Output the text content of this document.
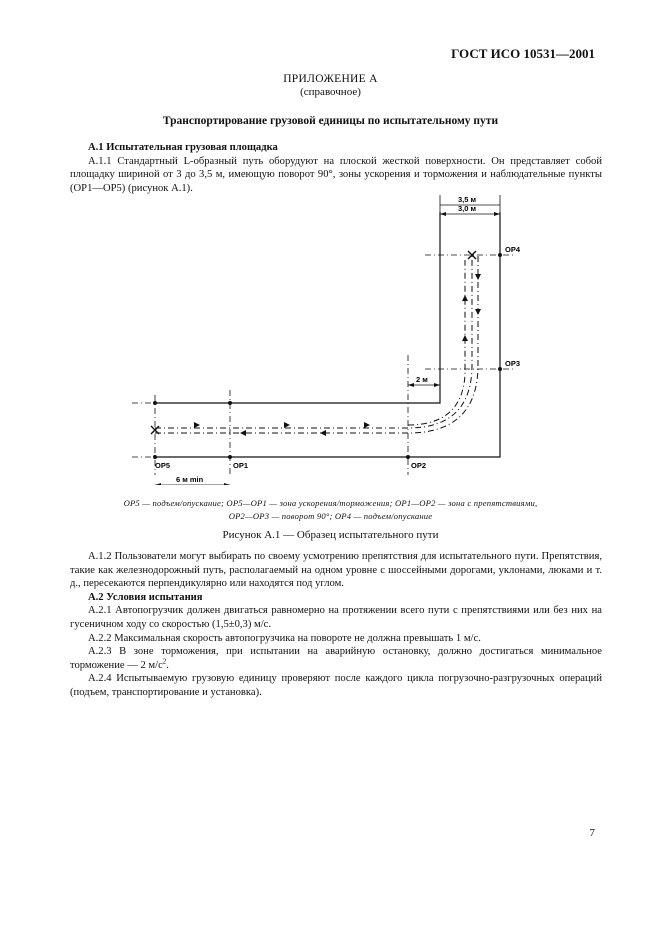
ГОСТ ИСО 10531—2001
ПРИЛОЖЕНИЕ А
(справочное)
Транспортирование грузовой единицы по испытательному пути

А.1 Испытательная грузовая площадка

А.1.1 Стандартный L-образный путь оборудуют на плоской жесткой поверхности. Он представляет собой площадку шириной от 3 до 3,5 м, имеющую поворот 90°, зоны ускорения и торможения и наблюдательные пункты (OP1—OP5) (рисунок А.1).

3,5 м
3,0 м
2 м
6 м min
OP5	OP1	OP2
OP3
OP4
OP5 — подъем/опускание; OP5—OP1 — зона ускорения/торможения; OP1—OP2 — зона с препятствиями,
OP2—OP3 — поворот 90°; OP4 — подъем/опускание
Рисунок А.1 — Образец испытательного пути

А.1.2 Пользователи могут выбирать по своему усмотрению препятствия для испытательного пути. Препятствия, такие как железнодорожный путь, располагаемый на одном уровне с шоссейными дорогами, уклонами, люками и т. д., пересекаются перпендикулярно или находятся под углом.

А.2 Условия испытания

А.2.1 Автопогрузчик должен двигаться равномерно на протяжении всего пути с препятствиями или без них на гусеничном ходу со скоростью (1,5±0,3) м/с.

А.2.2 Максимальная скорость автопогрузчика на повороте не должна превышать 1 м/с.

А.2.3 В зоне торможения, при испытании на аварийную остановку, должно достигаться минимальное торможение — 2 $м/с^2$.

А.2.4 Испытываемую грузовую единицу проверяют после каждого цикла погрузочно-разгрузочных операций (подъем, транспортирование и установка).

7
